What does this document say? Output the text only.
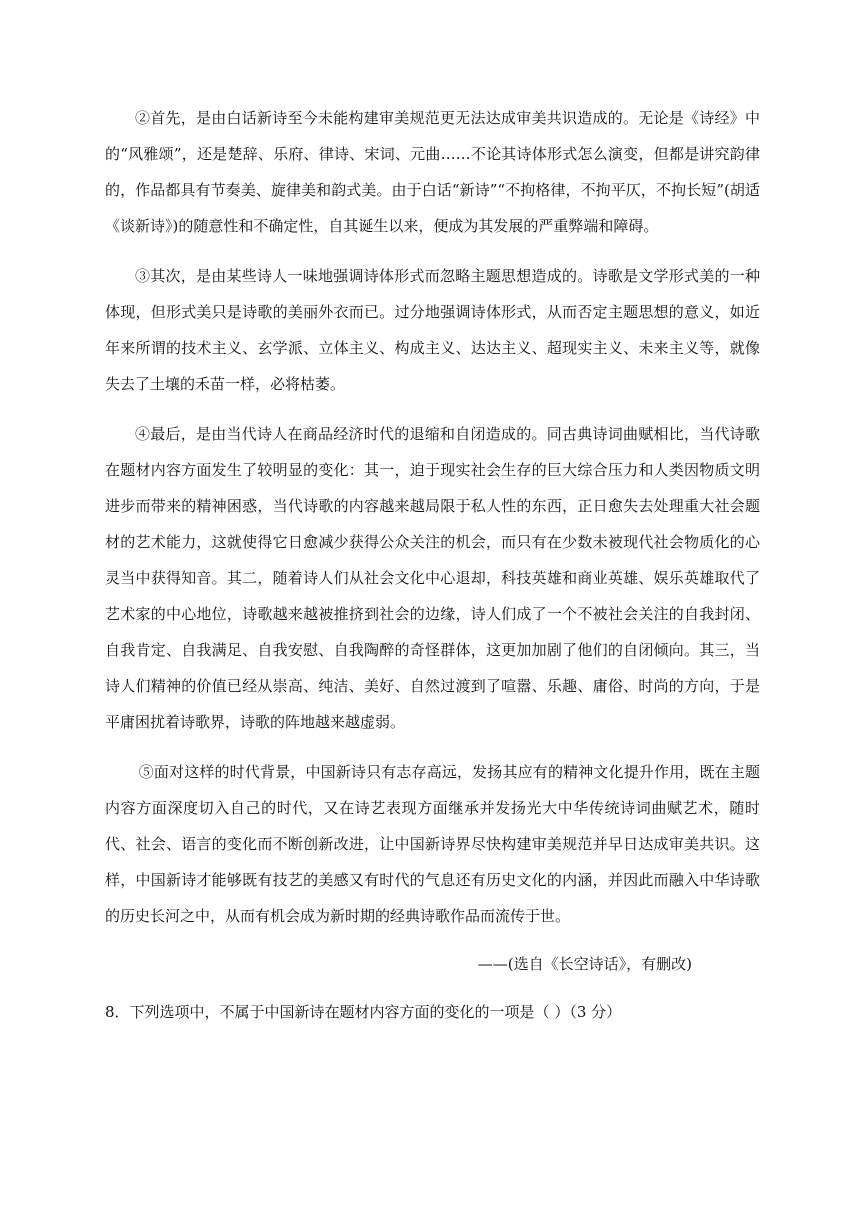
②首先，是由白话新诗至今未能构建审美规范更无法达成审美共识造成的。无论是《诗经》中的“风雅颂”，还是楚辞、乐府、律诗、宋词、元曲……不论其诗体形式怎么演变，但都是讲究韵律的，作品都具有节奏美、旋律美和韵式美。由于白话“新诗”“不拘格律，不拘平仄，不拘长短”(胡适《谈新诗》)的随意性和不确定性，自其诞生以来，便成为其发展的严重弊端和障碍。

③其次，是由某些诗人一味地强调诗体形式而忽略主题思想造成的。诗歌是文学形式美的一种体现，但形式美只是诗歌的美丽外衣而已。过分地强调诗体形式，从而否定主题思想的意义，如近年来所谓的技术主义、玄学派、立体主义、构成主义、达达主义、超现实主义、未来主义等，就像失去了土壤的禾苗一样，必将枯萎。

④最后，是由当代诗人在商品经济时代的退缩和自闭造成的。同古典诗词曲赋相比，当代诗歌在题材内容方面发生了较明显的变化：其一，迫于现实社会生存的巨大综合压力和人类因物质文明进步而带来的精神困惑，当代诗歌的内容越来越局限于私人性的东西，正日愈失去处理重大社会题材的艺术能力，这就使得它日愈减少获得公众关注的机会，而只有在少数未被现代社会物质化的心灵当中获得知音。其二，随着诗人们从社会文化中心退却，科技英雄和商业英雄、娱乐英雄取代了艺术家的中心地位，诗歌越来越被推挤到社会的边缘，诗人们成了一个不被社会关注的自我封闭、自我肯定、自我满足、自我安慰、自我陶醉的奇怪群体，这更加加剧了他们的自闭倾向。其三，当诗人们精神的价值已经从崇高、纯洁、美好、自然过渡到了喧嚣、乐趣、庸俗、时尚的方向，于是平庸困扰着诗歌界，诗歌的阵地越来越虚弱。

⑤面对这样的时代背景，中国新诗只有志存高远，发扬其应有的精神文化提升作用，既在主题内容方面深度切入自己的时代，又在诗艺表现方面继承并发扬光大中华传统诗词曲赋艺术，随时代、社会、语言的变化而不断创新改进，让中国新诗界尽快构建审美规范并早日达成审美共识。这样，中国新诗才能够既有技艺的美感又有时代的气息还有历史文化的内涵，并因此而融入中华诗歌的历史长河之中，从而有机会成为新时期的经典诗歌作品而流传于世。

——(选自《长空诗话》，有删改)
8．下列选项中，不属于中国新诗在题材内容方面的变化的一项是（ ）（3 分）
